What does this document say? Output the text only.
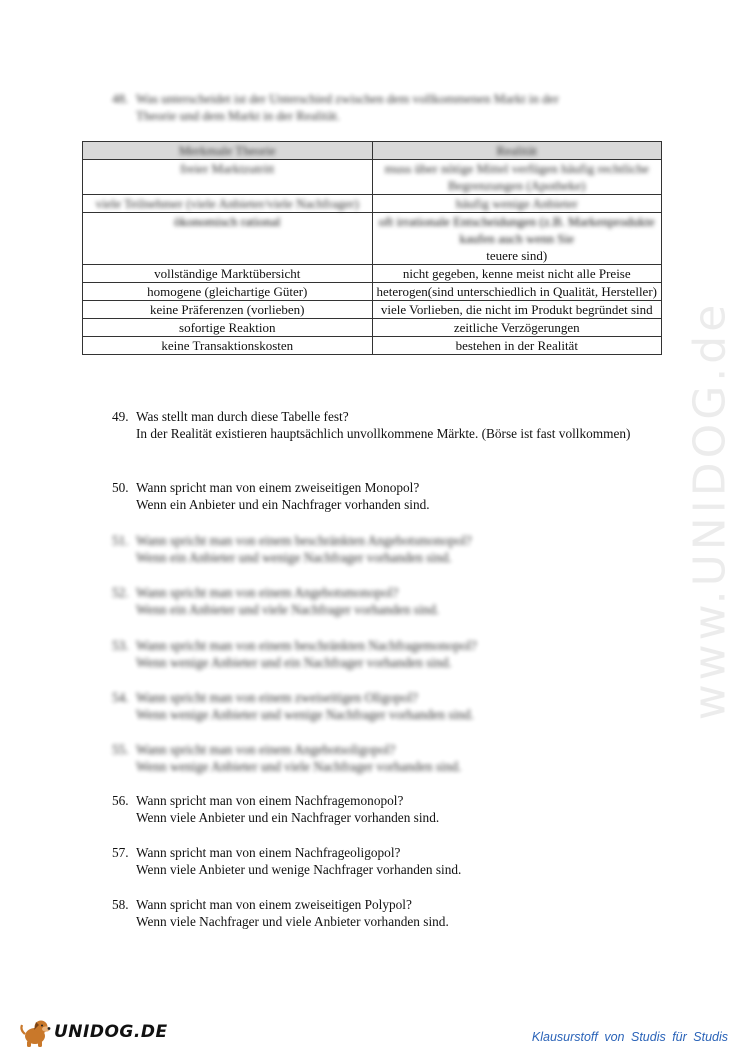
www.UNIDOG.de
48. Was unterscheidet ist der Unterschied zwischen dem vollkommenen Markt in der
Theorie und dem Markt in der Realität.
Merkmale Theorie	Realität
freier Marktzutritt	muss über nötige Mittel verfügen häufig rechtliche Begrenzungen (Apotheke)
viele Teilnehmer (viele Anbieter/viele Nachfrager)	häufig wenige Anbieter
ökonomisch rational	oft irrationale Entscheidungen (z.B. Markenprodukte kaufen auch wenn Sie
teuere sind)
vollständige Marktübersicht	nicht gegeben, kenne meist nicht alle Preise
homogene (gleichartige Güter)	heterogen(sind unterschiedlich in Qualität, Hersteller)
keine Präferenzen (vorlieben)	viele Vorlieben, die nicht im Produkt begründet sind
sofortige Reaktion	zeitliche Verzögerungen
keine Transaktionskosten	bestehen in der Realität
49. Was stellt man durch diese Tabelle fest?
In der Realität existieren hauptsächlich unvollkommene Märkte. (Börse ist fast vollkommen)
50. Wann spricht man von einem zweiseitigen Monopol?
Wenn ein Anbieter und ein Nachfrager vorhanden sind.
51. Wann spricht man von einem beschränkten Angebotsmonopol?
Wenn ein Anbieter und wenige Nachfrager vorhanden sind.
52. Wann spricht man von einem Angebotsmonopol?
Wenn ein Anbieter und viele Nachfrager vorhanden sind.
53. Wann spricht man von einem beschränkten Nachfragemonopol?
Wenn wenige Anbieter und ein Nachfrager vorhanden sind.
54. Wann spricht man von einem zweiseitigen Oligopol?
Wenn wenige Anbieter und wenige Nachfrager vorhanden sind.
55. Wann spricht man von einem Angebotsoligopol?
Wenn wenige Anbieter und viele Nachfrager vorhanden sind.
56. Wann spricht man von einem Nachfragemonopol?
Wenn viele Anbieter und ein Nachfrager vorhanden sind.
57. Wann spricht man von einem Nachfrageoligopol?
Wenn viele Anbieter und wenige Nachfrager vorhanden sind.
58. Wann spricht man von einem zweiseitigen Polypol?
Wenn viele Nachfrager und viele Anbieter vorhanden sind.
UNIDOG.DE	Klausurstoff von Studis für Studis
